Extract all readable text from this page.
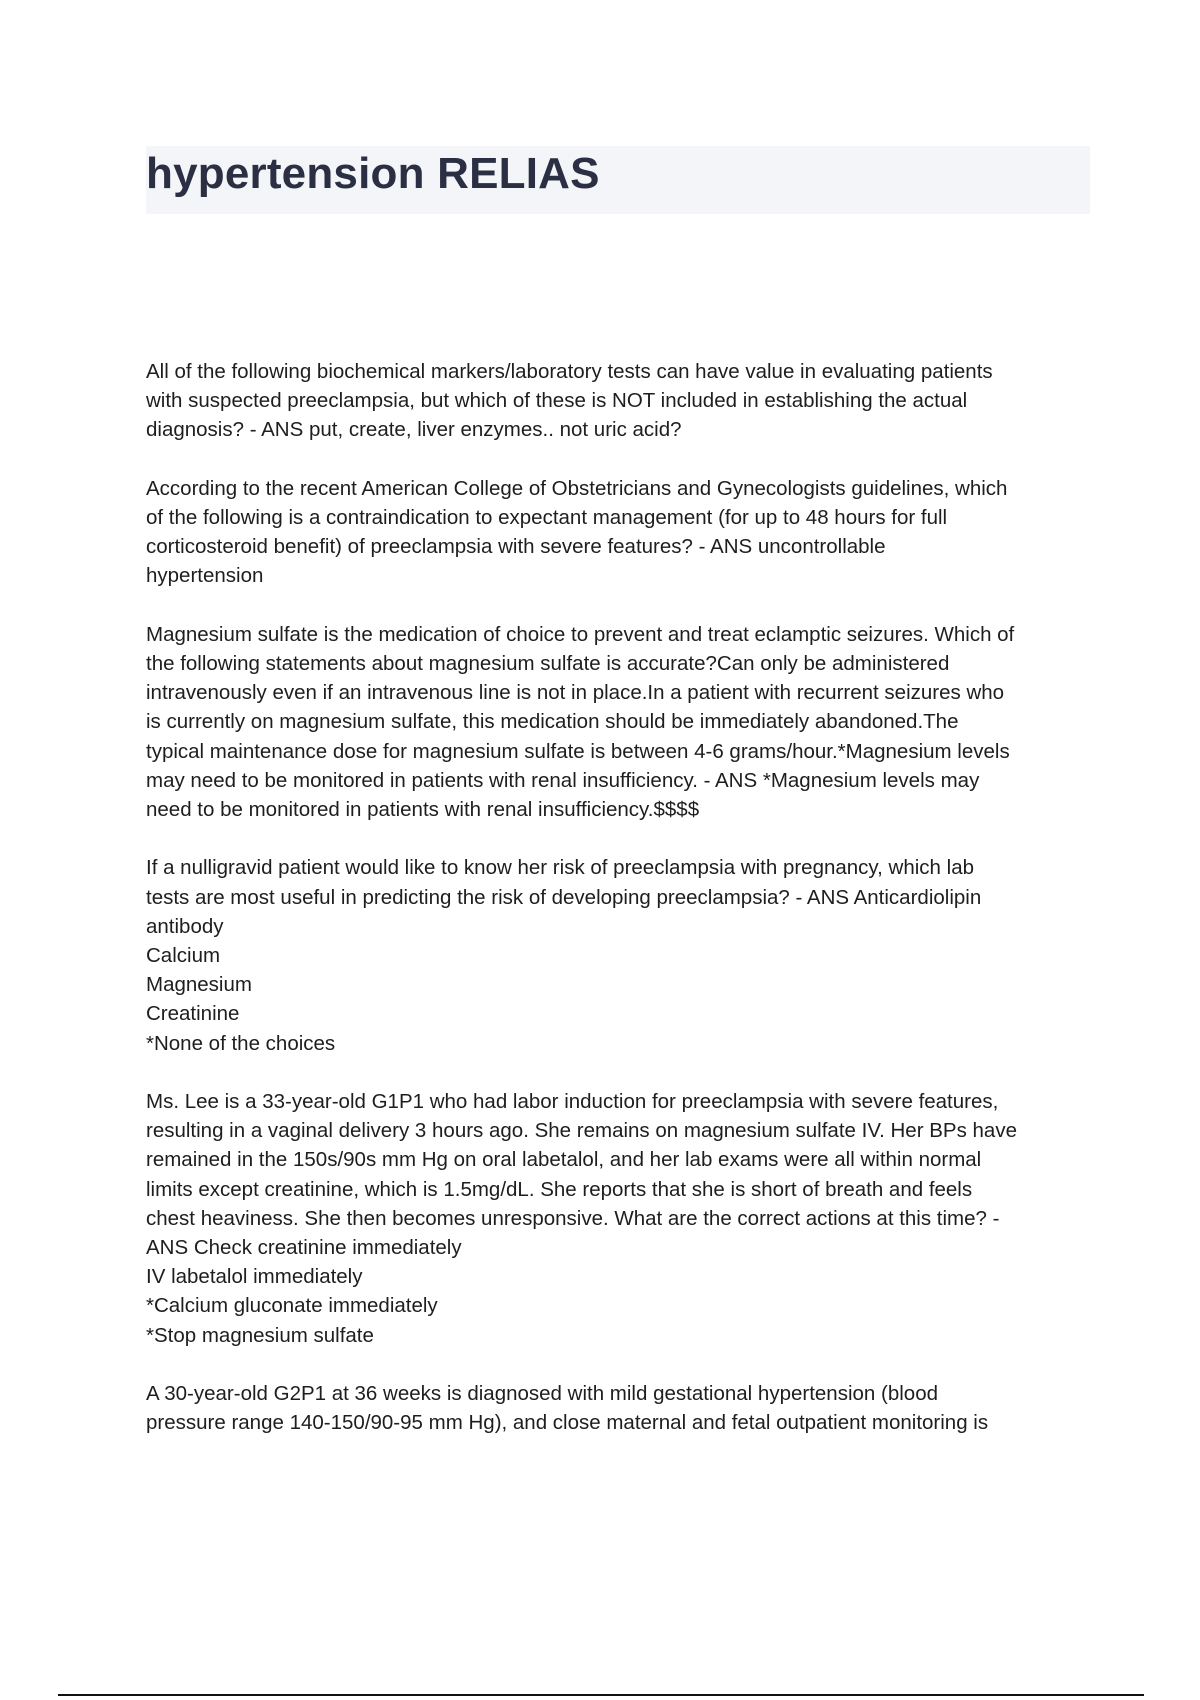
hypertension RELIAS
All of the following biochemical markers/laboratory tests can have value in evaluating patients
with suspected preeclampsia, but which of these is NOT included in establishing the actual
diagnosis? - ANS put, create, liver enzymes.. not uric acid?
According to the recent American College of Obstetricians and Gynecologists guidelines, which
of the following is a contraindication to expectant management (for up to 48 hours for full
corticosteroid benefit) of preeclampsia with severe features? - ANS uncontrollable
hypertension
Magnesium sulfate is the medication of choice to prevent and treat eclamptic seizures. Which of
the following statements about magnesium sulfate is accurate?Can only be administered
intravenously even if an intravenous line is not in place.In a patient with recurrent seizures who
is currently on magnesium sulfate, this medication should be immediately abandoned.The
typical maintenance dose for magnesium sulfate is between 4-6 grams/hour.*Magnesium levels
may need to be monitored in patients with renal insufficiency. - ANS *Magnesium levels may
need to be monitored in patients with renal insufficiency.$$$$
If a nulligravid patient would like to know her risk of preeclampsia with pregnancy, which lab
tests are most useful in predicting the risk of developing preeclampsia? - ANS Anticardiolipin
antibody
Calcium
Magnesium
Creatinine
*None of the choices
Ms. Lee is a 33-year-old G1P1 who had labor induction for preeclampsia with severe features,
resulting in a vaginal delivery 3 hours ago. She remains on magnesium sulfate IV. Her BPs have
remained in the 150s/90s mm Hg on oral labetalol, and her lab exams were all within normal
limits except creatinine, which is 1.5mg/dL. She reports that she is short of breath and feels
chest heaviness. She then becomes unresponsive. What are the correct actions at this time? -
ANS Check creatinine immediately
IV labetalol immediately
*Calcium gluconate immediately
*Stop magnesium sulfate
A 30-year-old G2P1 at 36 weeks is diagnosed with mild gestational hypertension (blood
pressure range 140-150/90-95 mm Hg), and close maternal and fetal outpatient monitoring is
